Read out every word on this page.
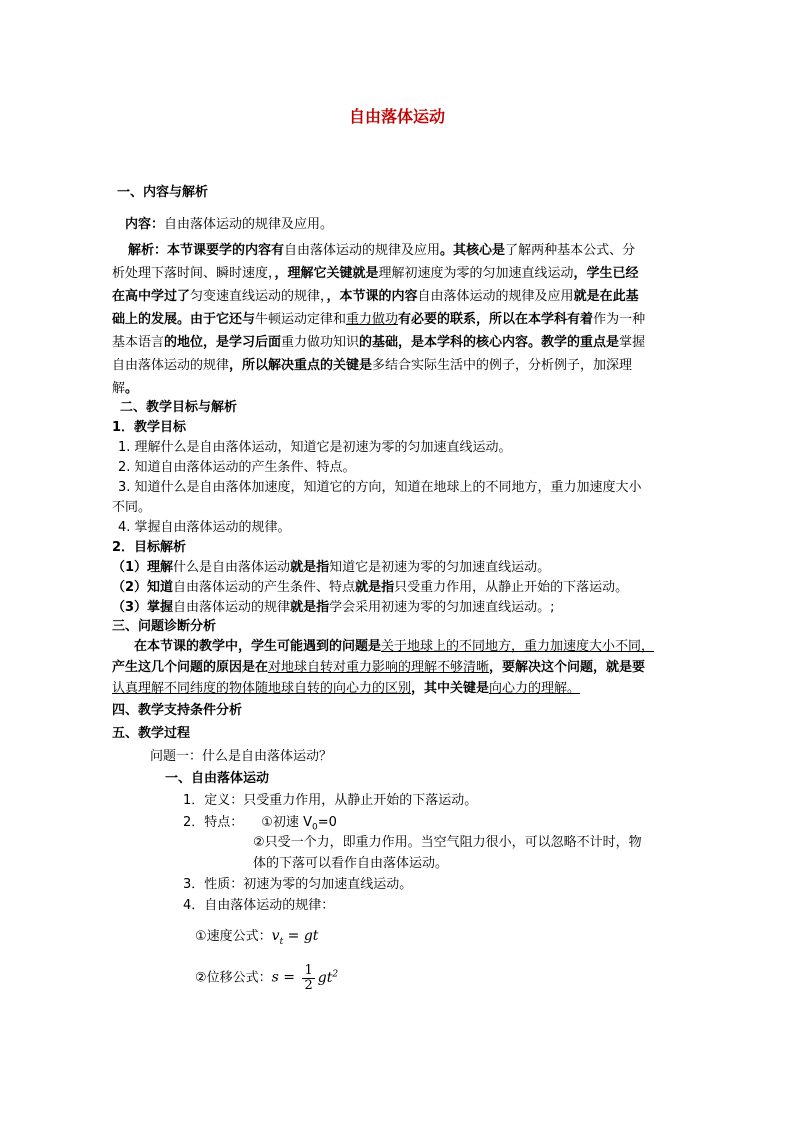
自由落体运动
一、内容与解析
内容：自由落体运动的规律及应用。
解析：本节课要学的内容有自由落体运动的规律及应用。其核心是了解两种基本公式、分
析处理下落时间、瞬时速度，，理解它关键就是理解初速度为零的匀加速直线运动，学生已经
在高中学过了匀变速直线运动的规律，，本节课的内容自由落体运动的规律及应用就是在此基
础上的发展。由于它还与牛顿运动定律和重力做功有必要的联系，所以在本学科有着作为一种
基本语言的地位，是学习后面重力做功知识的基础，是本学科的核心内容。教学的重点是掌握
自由落体运动的规律，所以解决重点的关键是多结合实际生活中的例子，分析例子，加深理
解。
二、教学目标与解析
1．教学目标
1. 理解什么是自由落体运动，知道它是初速为零的匀加速直线运动。
2. 知道自由落体运动的产生条件、特点。
3. 知道什么是自由落体加速度，知道它的方向，知道在地球上的不同地方，重力加速度大小
不同。
4. 掌握自由落体运动的规律。
2．目标解析
（1）理解什么是自由落体运动就是指知道它是初速为零的匀加速直线运动。
（2）知道自由落体运动的产生条件、特点就是指只受重力作用，从静止开始的下落运动。
（3）掌握自由落体运动的规律就是指学会采用初速为零的匀加速直线运动。;
三、问题诊断分析
在本节课的教学中，学生可能遇到的问题是关于地球上的不同地方，重力加速度大小不同，
产生这几个问题的原因是在对地球自转对重力影响的理解不够清晰，要解决这个问题，就是要
认真理解不同纬度的物体随地球自转的向心力的区别，其中关键是向心力的理解。
四、教学支持条件分析
五、教学过程
问题一：什么是自由落体运动？
一、自由落体运动
1．定义：只受重力作用，从静止开始的下落运动。
2．特点： ①初速 $V_0=0$
②只受一个力，即重力作用。当空气阻力很小，可以忽略不计时，物
体的下落可以看作自由落体运动。
3．性质：初速为零的匀加速直线运动。
4．自由落体运动的规律：
①速度公式：$v_t$ = gt
②位移公式：$s = \frac{1}{2} gt^2$
